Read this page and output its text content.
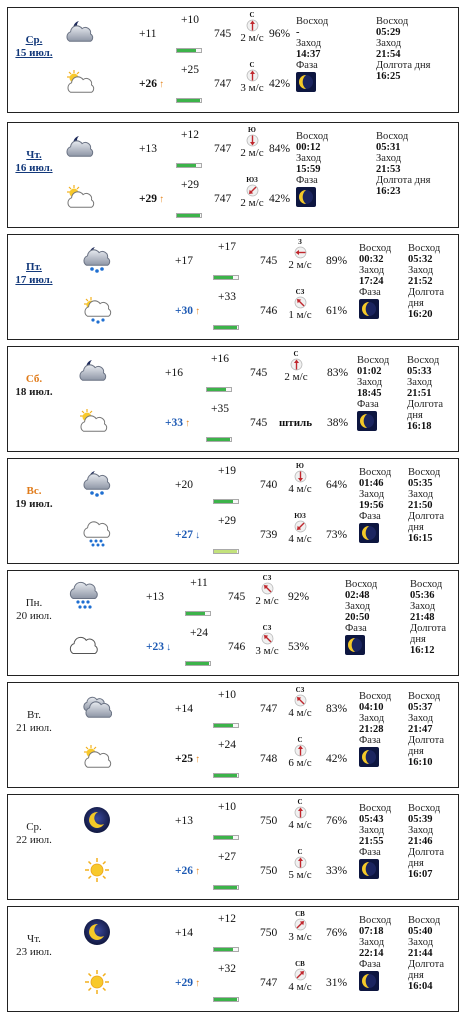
Ср.
15 июл.
+11
+10
745
С
2 м/с 96%
+26 ↑
+25
747
С
3 м/с 42%
Восход
-
Заход
14:37
Фаза
Восход
05:29
Заход
21:54
Долгота дня
16:25
Чт.
16 июл.
+13
+12
747
Ю
2 м/с 84%
+29 ↑
+29
747
ЮЗ
2 м/с 42%
Восход
00:12
Заход
15:59
Фаза
Восход
05:31
Заход
21:53
Долгота дня
16:23
Пт.
17 июл.
+17
+17
745
З
2 м/с 89%
+30 ↑
+33
746
СЗ
1 м/с 61%
Восход
00:32
Заход
17:24
Фаза
Восход
05:32
Заход
21:52
Долгота дня
16:20
Сб.
18 июл.
+16
+16
745
С
2 м/с 83%
+33 ↑
+35
745 штиль 38%
Восход
01:02
Заход
18:45
Фаза
Восход
05:33
Заход
21:51
Долгота дня
16:18
Вс.
19 июл.
+20
+19
740
Ю
4 м/с 64%
+27 ↓
+29
739
ЮЗ
4 м/с 73%
Восход
01:46
Заход
19:56
Фаза
Восход
05:35
Заход
21:50
Долгота дня
16:15
Пн.
20 июл.
+13
+11
745
СЗ
2 м/с 92%
+23 ↓
+24
746
СЗ
3 м/с 53%
Восход
02:48
Заход
20:50
Фаза
Восход
05:36
Заход
21:48
Долгота дня
16:12
Вт.
21 июл.
+14
+10
747
СЗ
4 м/с 83%
+25 ↑
+24
748
С
6 м/с 42%
Восход
04:10
Заход
21:28
Фаза
Восход
05:37
Заход
21:47
Долгота дня
16:10
Ср.
22 июл.
+13
+10
750
С
4 м/с 76%
+26 ↑
+27
750
С
5 м/с 33%
Восход
05:43
Заход
21:55
Фаза
Восход
05:39
Заход
21:46
Долгота дня
16:07
Чт.
23 июл.
+14
+12
750
СВ
3 м/с 76%
+29 ↑
+32
747
СВ
4 м/с 31%
Восход
07:18
Заход
22:14
Фаза
Восход
05:40
Заход
21:44
Долгота дня
16:04
